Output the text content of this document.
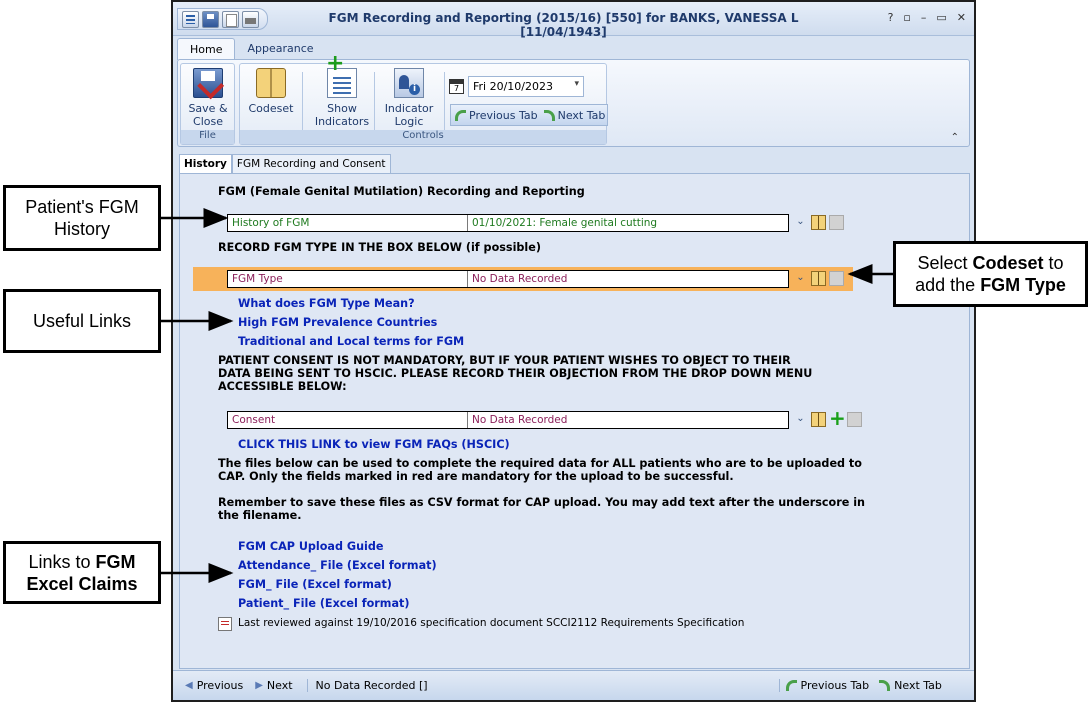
FGM Recording and Reporting (2015/16) [550] for BANKS, VANESSA L [11/04/1943]
? ▫ – ▭ ✕
Home	Appearance
Save &
Close
File
Codeset
+	Show
Indicators
i
Indicator
Logic
7	Fri 20/10/2023 ▾
Previous Tab Next Tab
Controls	⌃
History FGM Recording and Consent
FGM (Female Genital Mutilation) Recording and Reporting
History of FGM	01/10/2021: Female genital cutting	⌄
RECORD FGM TYPE IN THE BOX BELOW (if possible)
FGM Type	No Data Recorded	⌄
What does FGM Type Mean?
High FGM Prevalence Countries
Traditional and Local terms for FGM
PATIENT CONSENT IS NOT MANDATORY, BUT IF YOUR PATIENT WISHES TO OBJECT TO THEIR
DATA BEING SENT TO HSCIC. PLEASE RECORD THEIR OBJECTION FROM THE DROP DOWN MENU
ACCESSIBLE BELOW:
Consent	No Data Recorded	⌄ +
CLICK THIS LINK to view FGM FAQs (HSCIC)
The files below can be used to complete the required data for ALL patients who are to be uploaded to
CAP. Only the fields marked in red are mandatory for the upload to be successful.
Remember to save these files as CSV format for CAP upload. You may add text after the underscore in
the filename.
FGM CAP Upload Guide
Attendance_ File (Excel format)
FGM_ File (Excel format)
Patient_ File (Excel format)
Last reviewed against 19/10/2016 specification document SCCI2112 Requirements Specification
◀ Previous ▶ Next	No Data Recorded []	Previous Tab Next Tab
Patient's FGM
History
Useful Links
Links to FGM
Excel Claims
Select Codeset to
add the FGM Type
